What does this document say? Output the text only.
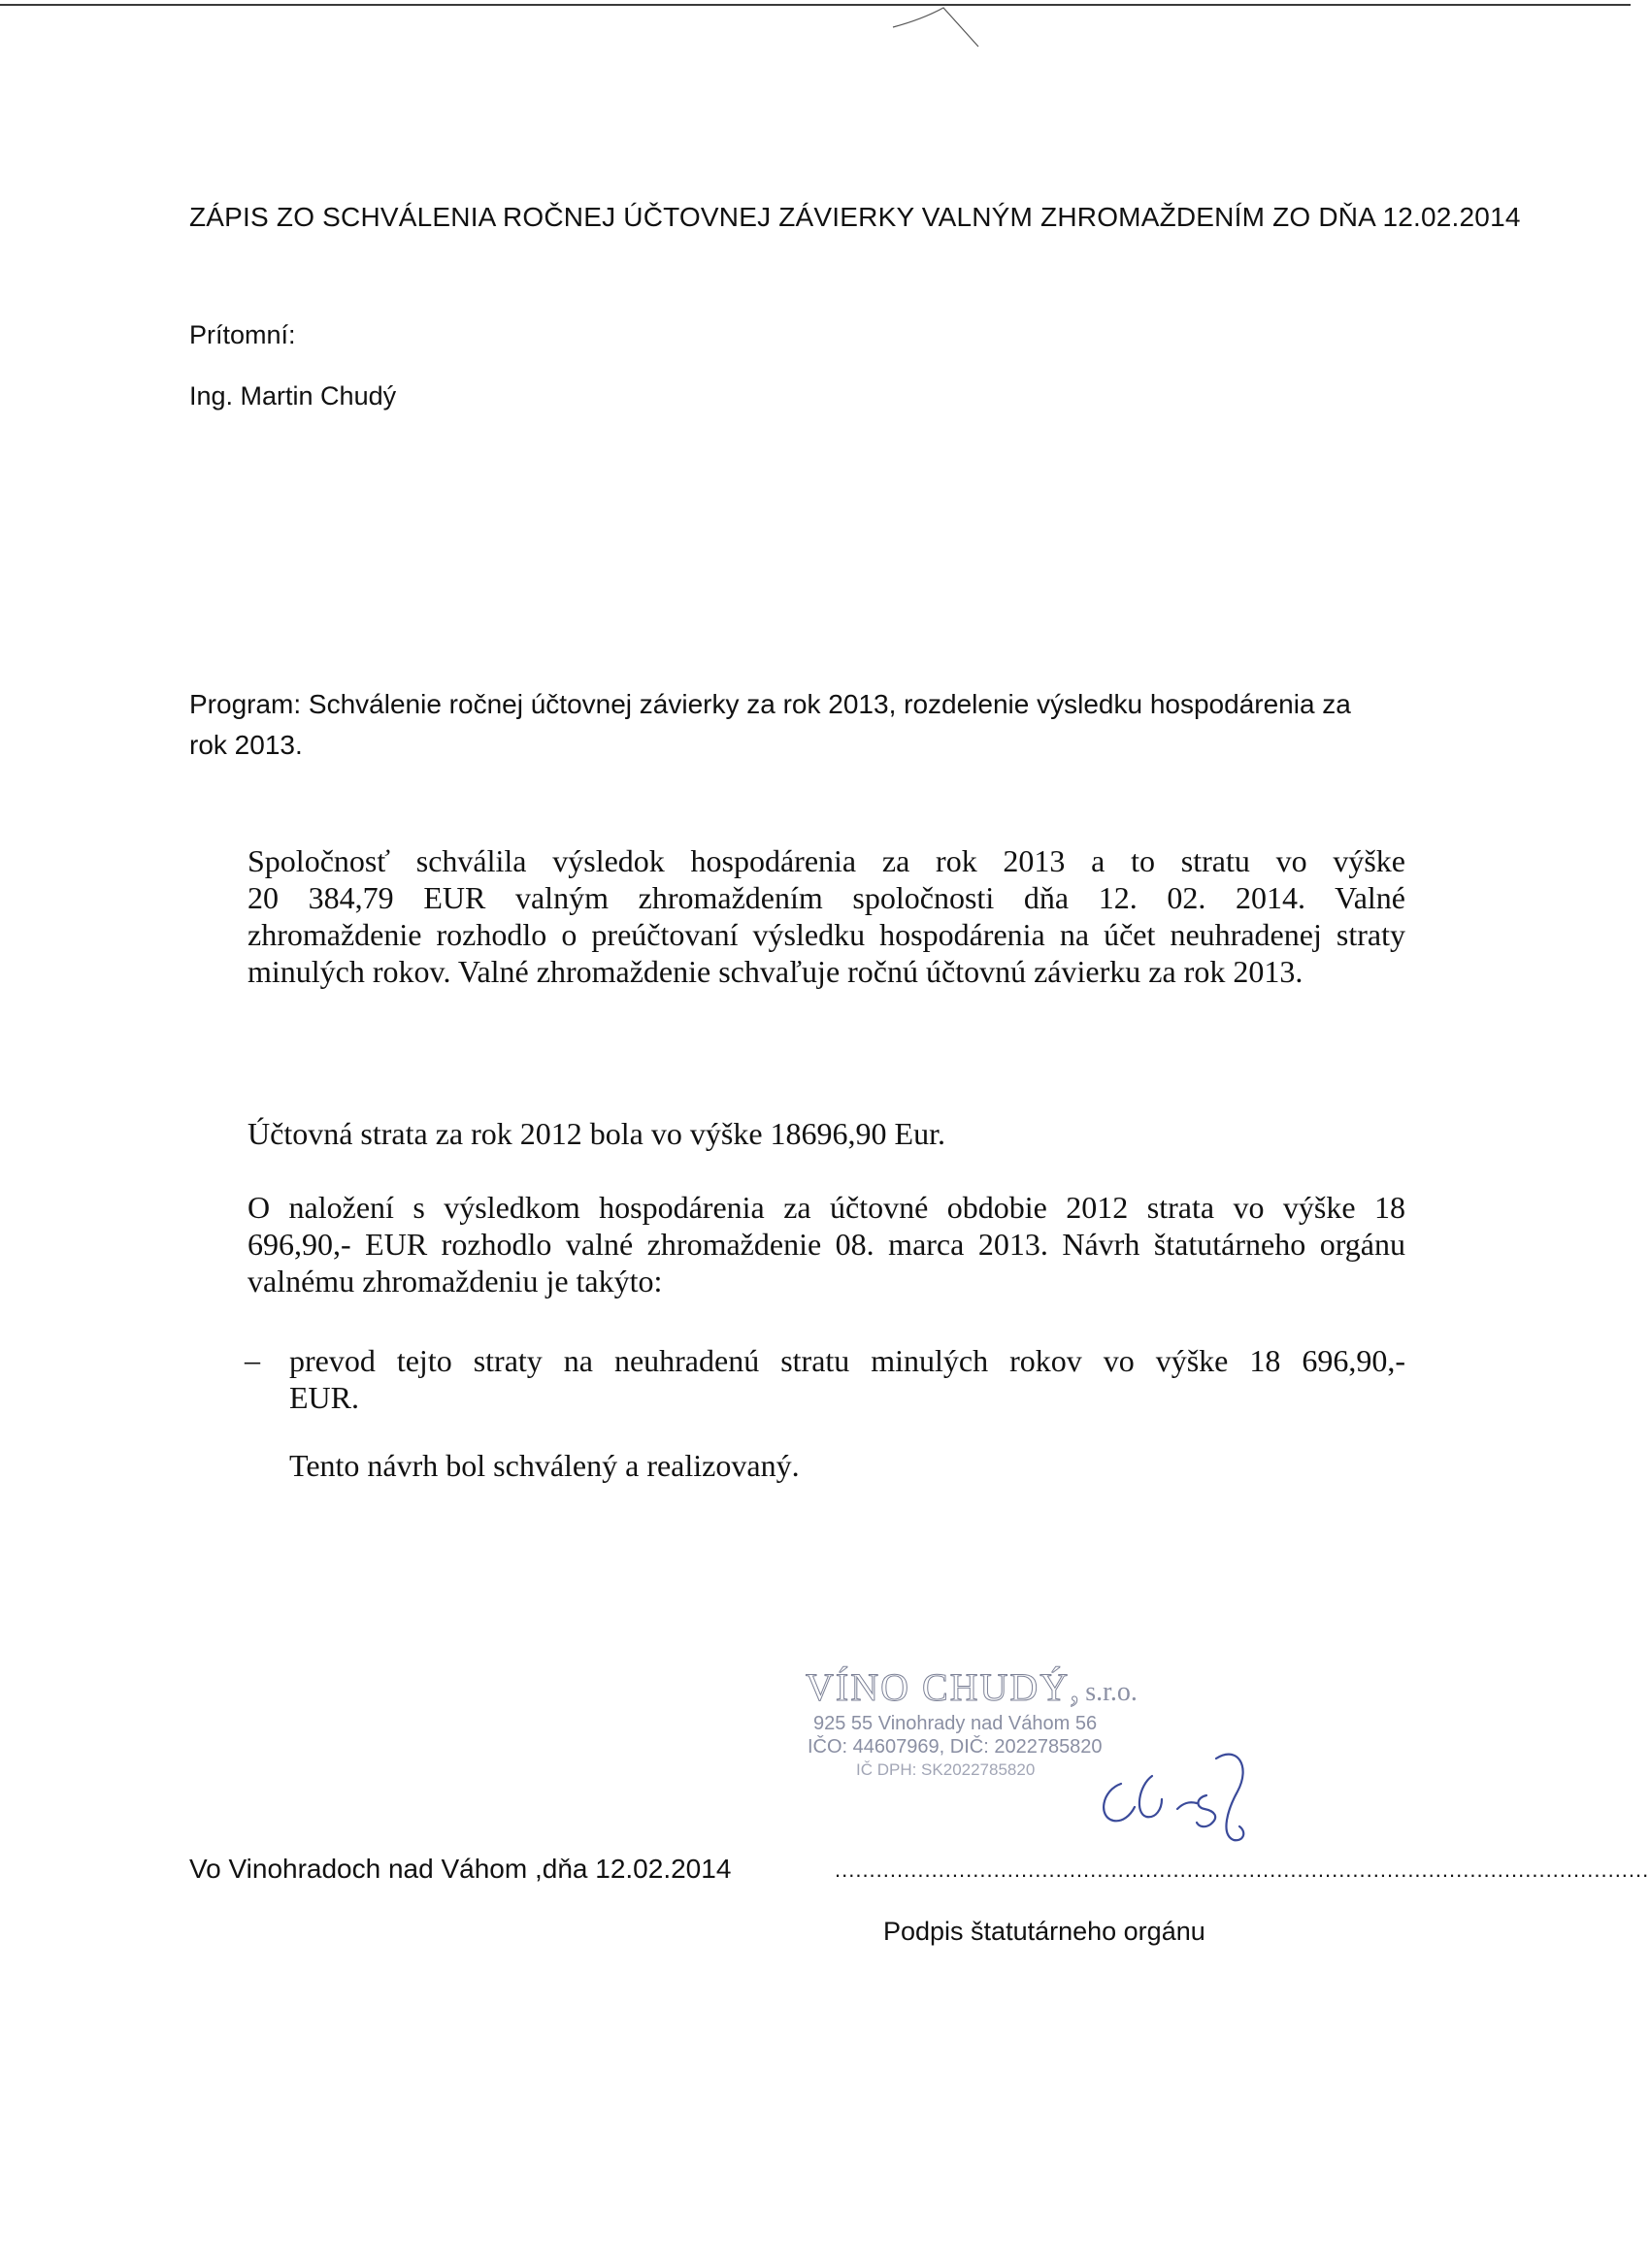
ZÁPIS ZO SCHVÁLENIA ROČNEJ ÚČTOVNEJ ZÁVIERKY VALNÝM ZHROMAŽDENÍM ZO DŇA 12.02.2014
Prítomní:
Ing. Martin Chudý
Program: Schválenie ročnej účtovnej závierky za rok 2013, rozdelenie výsledku hospodárenia za rok 2013.
Spoločnosť schválila výsledok hospodárenia za rok 2013 a to stratu vo výške
20 384,79 EUR valným zhromaždením spoločnosti dňa 12. 02. 2014. Valné
zhromaždenie rozhodlo o preúčtovaní výsledku hospodárenia na účet neuhradenej straty
minulých rokov. Valné zhromaždenie schvaľuje ročnú účtovnú závierku za rok 2013.
Účtovná strata za rok 2012 bola vo výške 18696,90 Eur.
O naložení s výsledkom hospodárenia za účtovné obdobie 2012 strata vo výške 18
696,90,- EUR rozhodlo valné zhromaždenie 08. marca 2013. Návrh štatutárneho orgánu
valnému zhromaždeniu je takýto:
– prevod tejto straty na neuhradenú stratu minulých rokov vo výške 18 696,90,-
EUR.
Tento návrh bol schválený a realizovaný.
VÍNO CHUDÝ, s.r.o.
925 55 Vinohrady nad Váhom 56
IČO: 44607969, DIČ: 2022785820
IČ DPH: SK2022785820
Vo Vinohradoch nad Váhom ,dňa 12.02.2014	......................................................................................................................
Podpis štatutárneho orgánu
